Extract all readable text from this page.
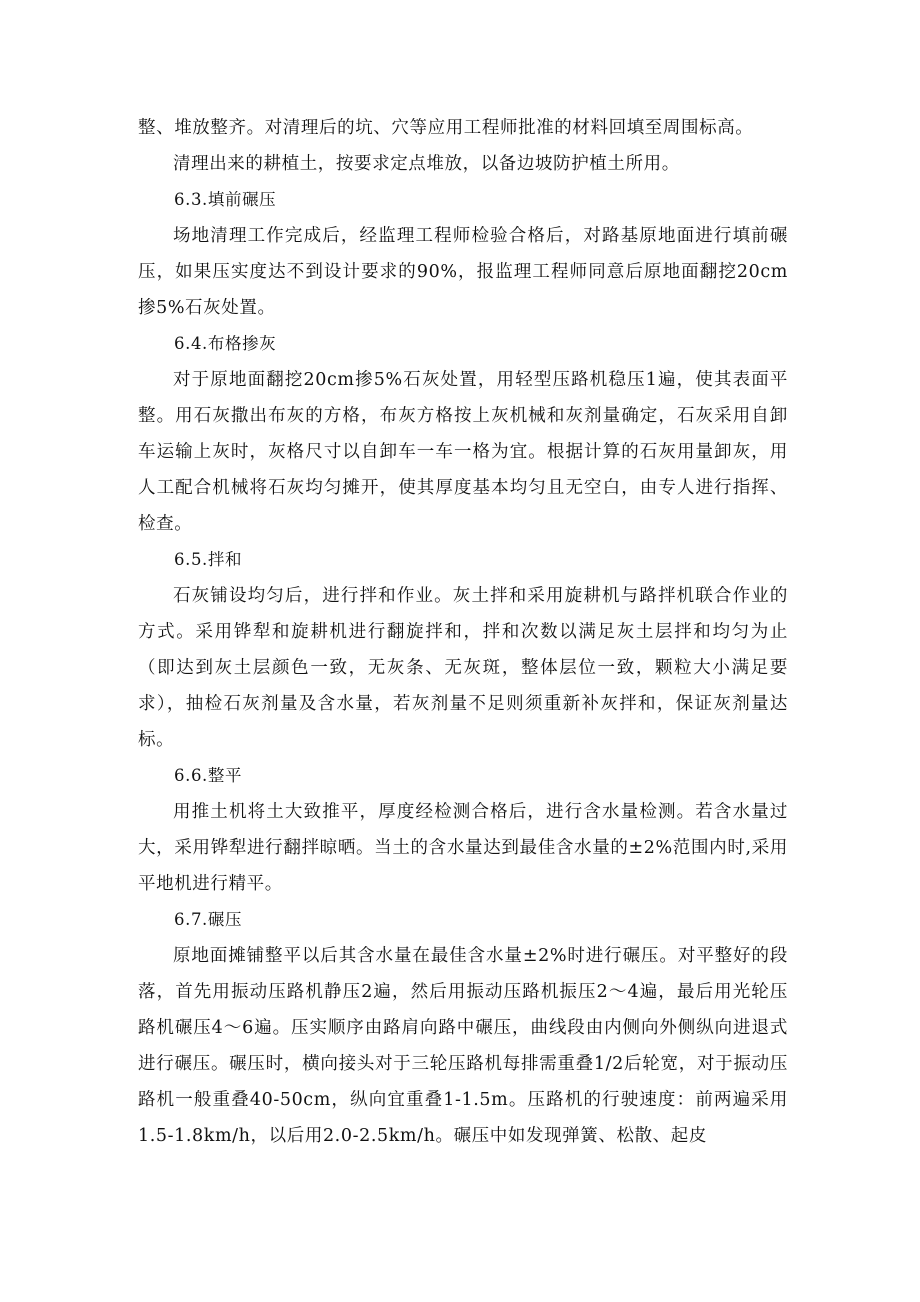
整、堆放整齐。对清理后的坑、穴等应用工程师批准的材料回填至周围标高。

清理出来的耕植土，按要求定点堆放，以备边坡防护植土所用。

6.3.填前碾压

场地清理工作完成后，经监理工程师检验合格后，对路基原地面进行填前碾压，如果压实度达不到设计要求的90%，报监理工程师同意后原地面翻挖20cm掺5%石灰处置。

6.4.布格掺灰

对于原地面翻挖20cm掺5%石灰处置，用轻型压路机稳压1遍，使其表面平整。用石灰撒出布灰的方格，布灰方格按上灰机械和灰剂量确定，石灰采用自卸车运输上灰时，灰格尺寸以自卸车一车一格为宜。根据计算的石灰用量卸灰，用人工配合机械将石灰均匀摊开，使其厚度基本均匀且无空白，由专人进行指挥、检查。

6.5.拌和

石灰铺设均匀后，进行拌和作业。灰土拌和采用旋耕机与路拌机联合作业的方式。采用铧犁和旋耕机进行翻旋拌和，拌和次数以满足灰土层拌和均匀为止（即达到灰土层颜色一致，无灰条、无灰斑，整体层位一致，颗粒大小满足要求），抽检石灰剂量及含水量，若灰剂量不足则须重新补灰拌和，保证灰剂量达标。

6.6.整平

用推土机将土大致推平，厚度经检测合格后，进行含水量检测。若含水量过大，采用铧犁进行翻拌晾晒。当土的含水量达到最佳含水量的±2%范围内时,采用平地机进行精平。

6.7.碾压

原地面摊铺整平以后其含水量在最佳含水量±2%时进行碾压。对平整好的段落，首先用振动压路机静压2遍，然后用振动压路机振压2～4遍，最后用光轮压路机碾压4～6遍。压实顺序由路肩向路中碾压，曲线段由内侧向外侧纵向进退式进行碾压。碾压时，横向接头对于三轮压路机每排需重叠1/2后轮宽，对于振动压路机一般重叠40-50cm，纵向宜重叠1-1.5m。压路机的行驶速度：前两遍采用1.5-1.8km/h，以后用2.0-2.5km/h。碾压中如发现弹簧、松散、起皮
